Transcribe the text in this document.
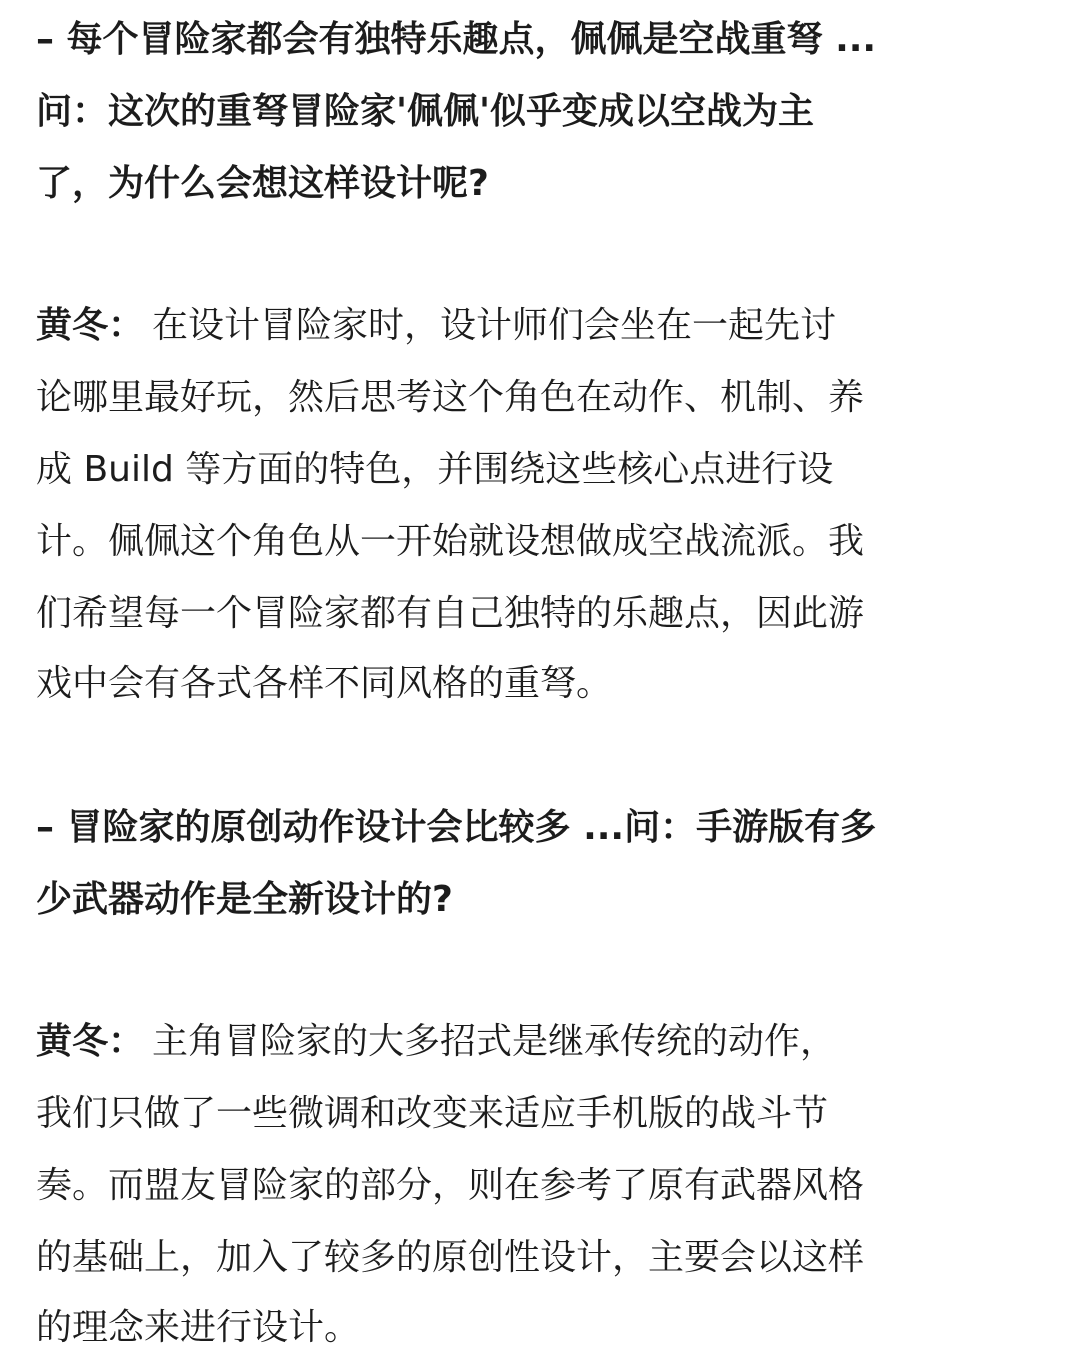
– 每个冒险家都会有独特乐趣点，佩佩是空战重弩 ...
问：这次的重弩冒险家'佩佩'似乎变成以空战为主
了，为什么会想这样设计呢?
黄冬： 在设计冒险家时，设计师们会坐在一起先讨
论哪里最好玩，然后思考这个角色在动作、机制、养
成 Build 等方面的特色，并围绕这些核心点进行设
计。佩佩这个角色从一开始就设想做成空战流派。我
们希望每一个冒险家都有自己独特的乐趣点，因此游
戏中会有各式各样不同风格的重弩。
– 冒险家的原创动作设计会比较多 ...问：手游版有多
少武器动作是全新设计的?
黄冬： 主角冒险家的大多招式是继承传统的动作，
我们只做了一些微调和改变来适应手机版的战斗节
奏。而盟友冒险家的部分，则在参考了原有武器风格
的基础上，加入了较多的原创性设计，主要会以这样
的理念来进行设计。
